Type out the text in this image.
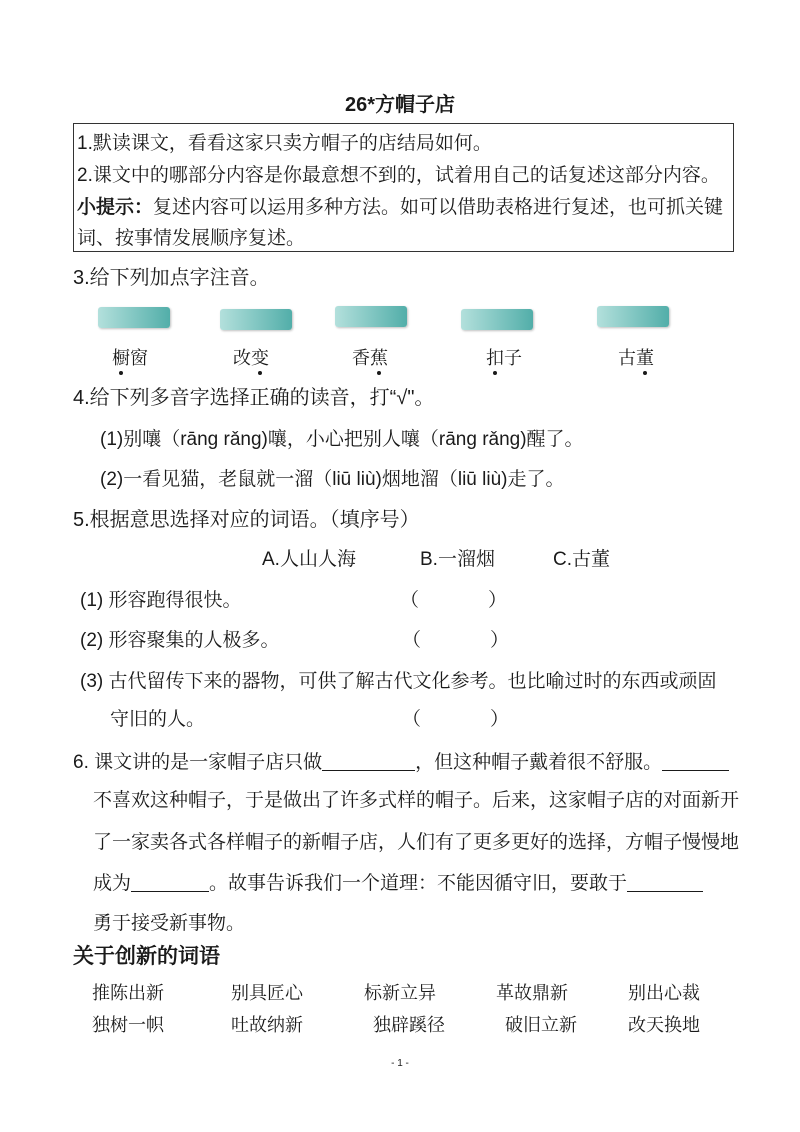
26*方帽子店
1.默读课文，看看这家只卖方帽子的店结局如何。
2.课文中的哪部分内容是你最意想不到的，试着用自己的话复述这部分内容。
小提示：复述内容可以运用多种方法。如可以借助表格进行复述，也可抓关键
词、按事情发展顺序复述。
3.给下列加点字注音。
橱窗	改变	香蕉	扣子	古董
4.给下列多音字选择正确的读音，打“√"。
(1)别嚷（rāng rǎng)嚷，小心把别人嚷（rāng rǎng)醒了。
(2)一看见猫，老鼠就一溜（liū liù)烟地溜（liū liù)走了。
5.根据意思选择对应的词语。（填序号）
A.人山人海	B.一溜烟	C.古董
(1) 形容跑得很快。	（	）
(2) 形容聚集的人极多。	（	）
(3) 古代留传下来的器物，可供了解古代文化参考。也比喻过时的东西或顽固
守旧的人。	（	）
6. 课文讲的是一家帽子店只做	，但这种帽子戴着很不舒服。
不喜欢这种帽子，于是做出了许多式样的帽子。后来，这家帽子店的对面新开
了一家卖各式各样帽子的新帽子店，人们有了更多更好的选择，方帽子慢慢地
成为	。故事告诉我们一个道理：不能因循守旧，要敢于
勇于接受新事物。
关于创新的词语
推陈出新	别具匠心	标新立异	革故鼎新	别出心裁
独树一帜	吐故纳新	独辟蹊径	破旧立新	改天换地
- 1 -
